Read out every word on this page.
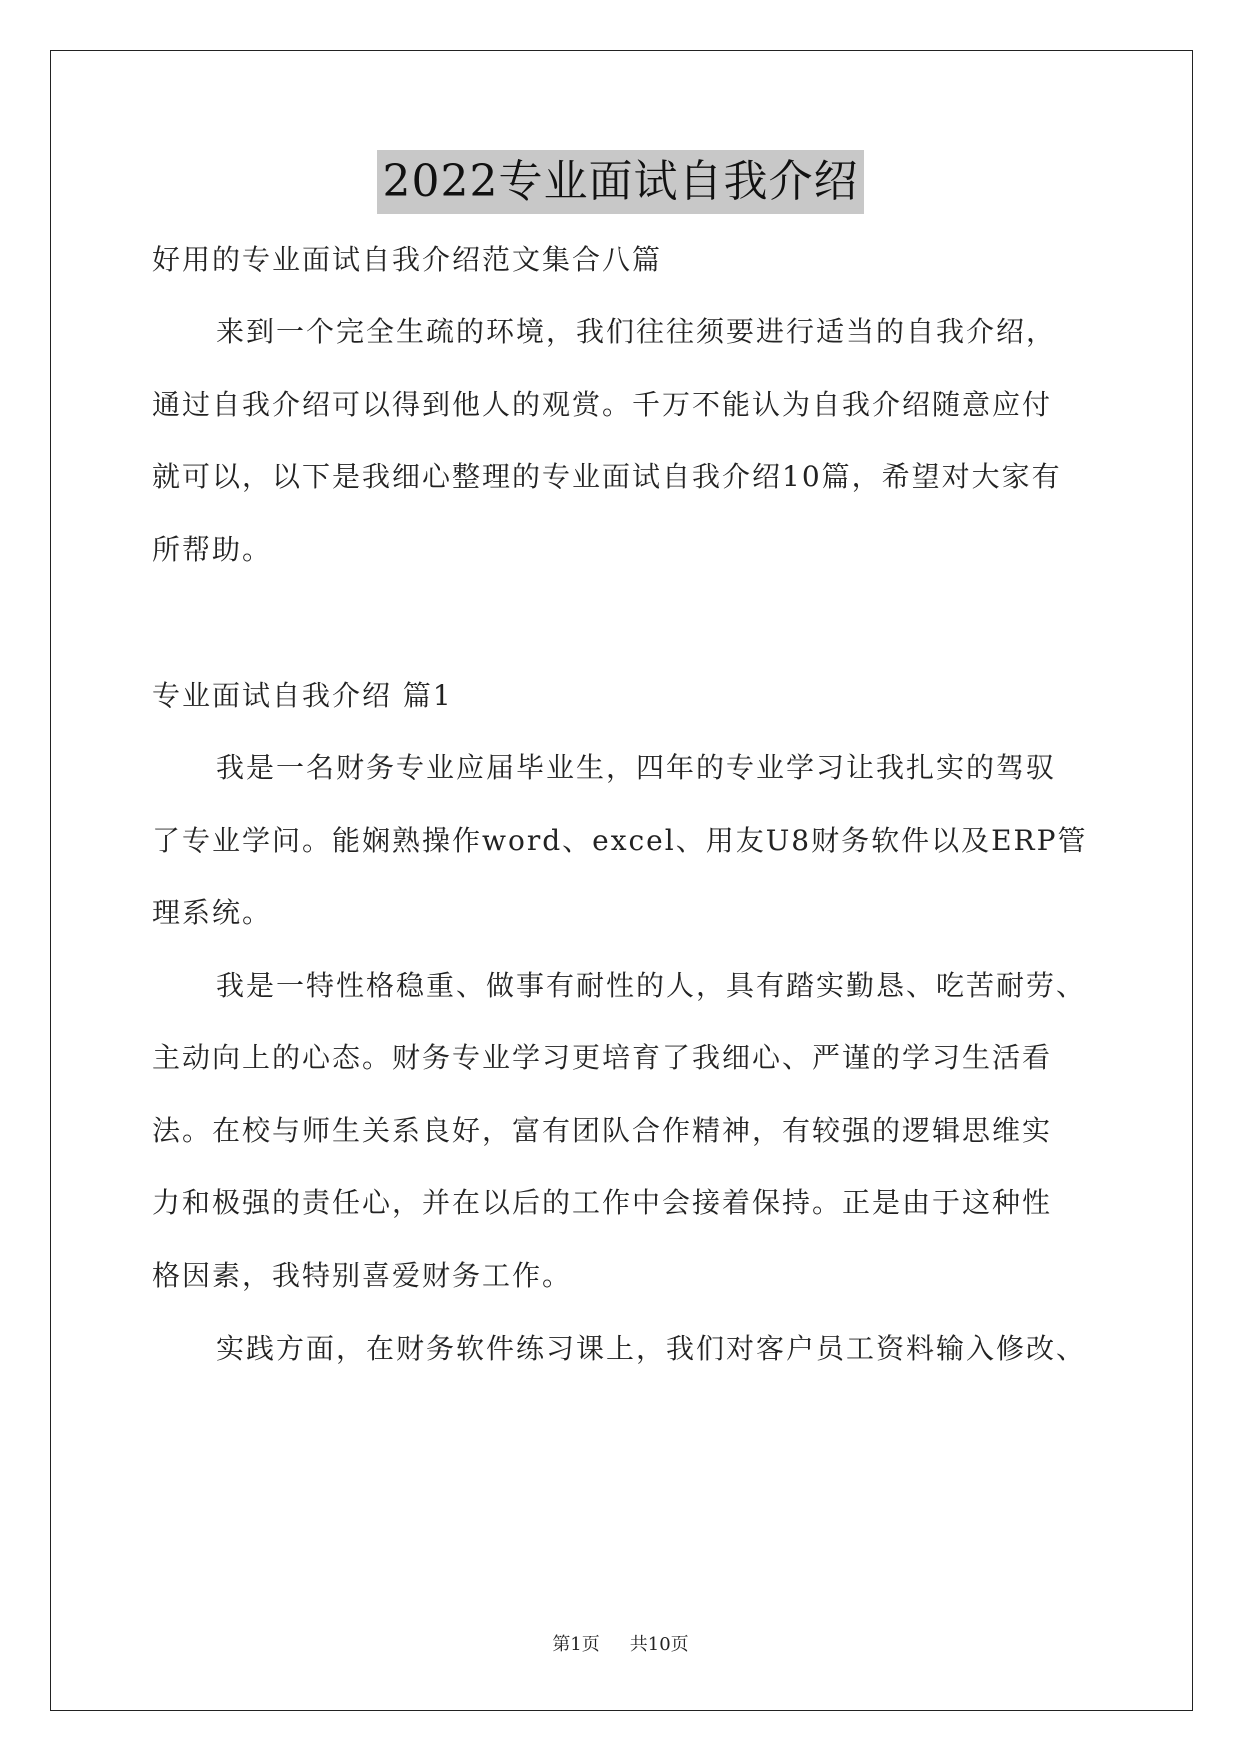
2022专业面试自我介绍
好用的专业面试自我介绍范文集合八篇
来到一个完全生疏的环境，我们往往须要进行适当的自我介绍，
通过自我介绍可以得到他人的观赏。千万不能认为自我介绍随意应付
就可以，以下是我细心整理的专业面试自我介绍10篇，希望对大家有
所帮助。
专业面试自我介绍 篇1
我是一名财务专业应届毕业生，四年的专业学习让我扎实的驾驭
了专业学问。能娴熟操作word、excel、用友U8财务软件以及ERP管
理系统。
我是一特性格稳重、做事有耐性的人，具有踏实勤恳、吃苦耐劳、
主动向上的心态。财务专业学习更培育了我细心、严谨的学习生活看
法。在校与师生关系良好，富有团队合作精神，有较强的逻辑思维实
力和极强的责任心，并在以后的工作中会接着保持。正是由于这种性
格因素，我特别喜爱财务工作。
实践方面，在财务软件练习课上，我们对客户员工资料输入修改、
第1页 共10页
